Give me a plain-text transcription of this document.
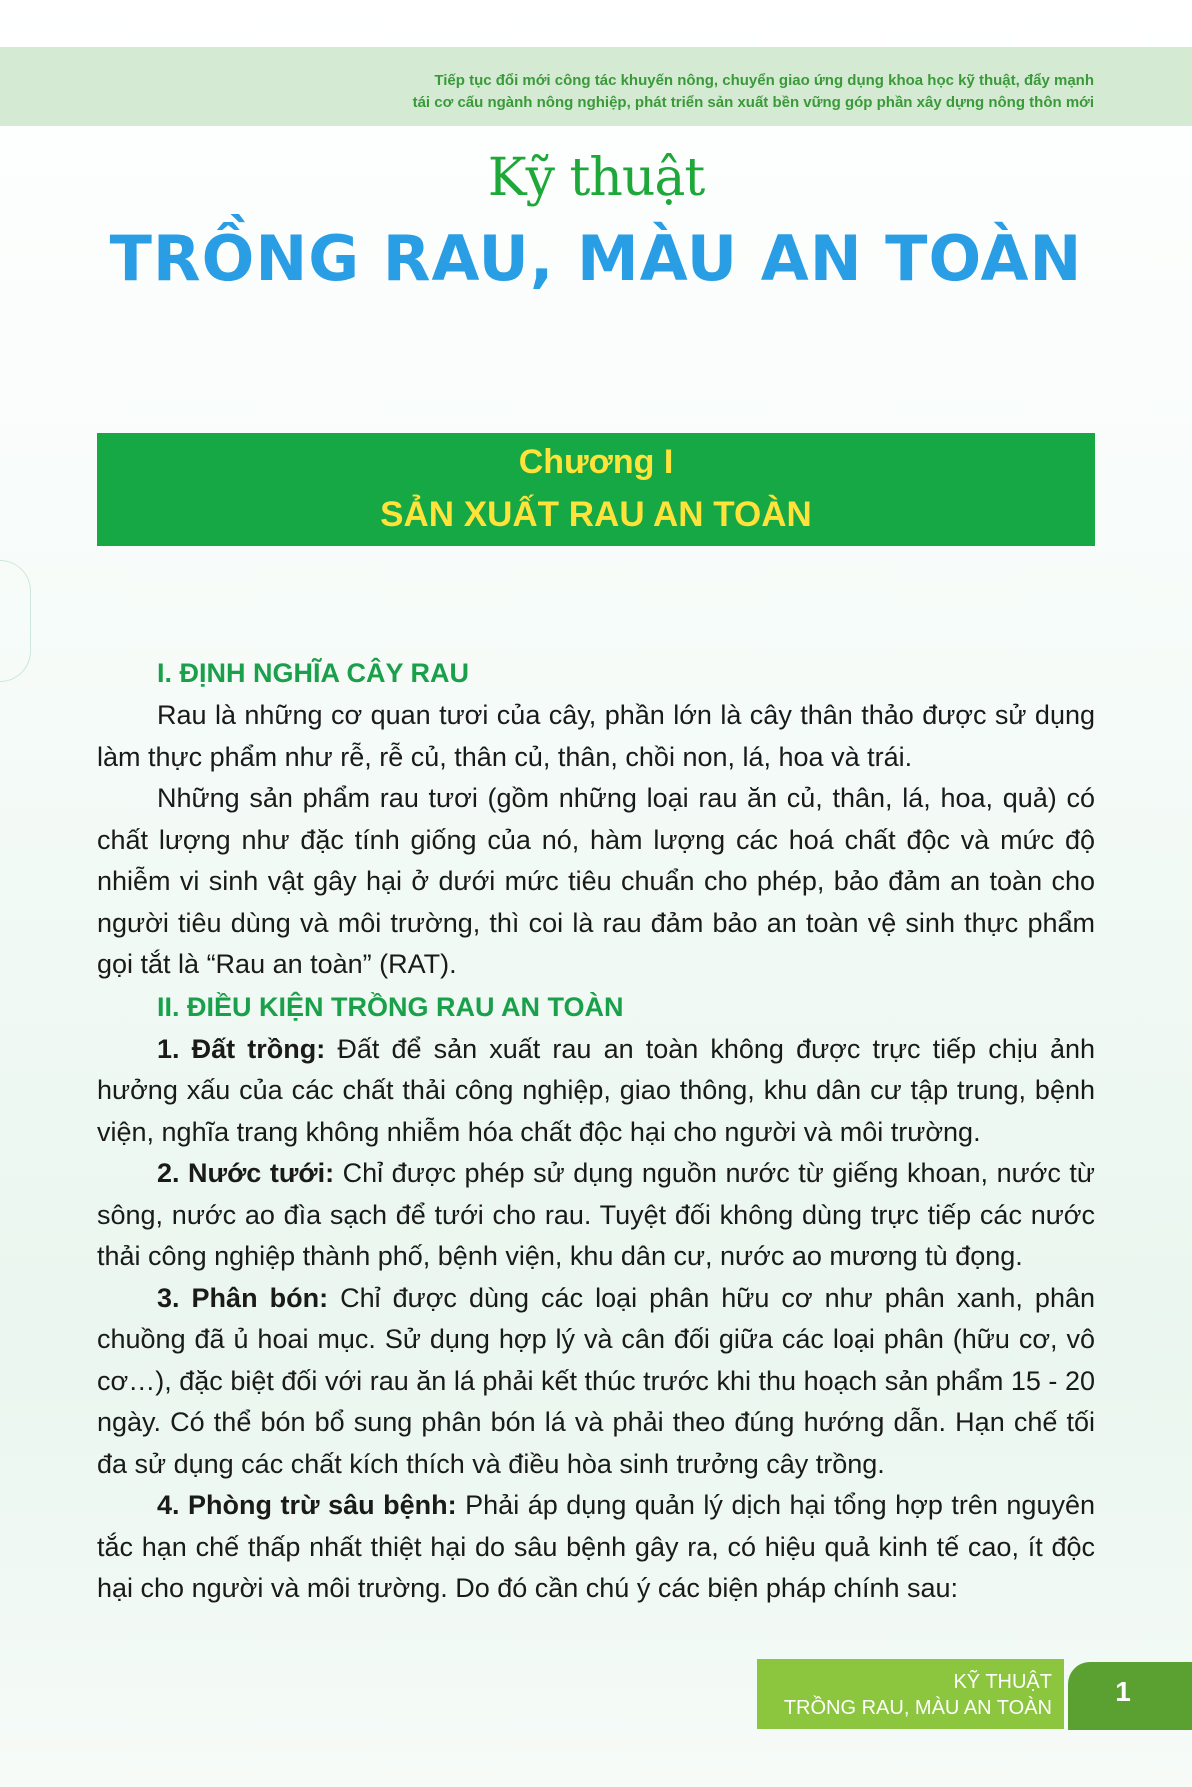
Tiếp tục đổi mới công tác khuyến nông, chuyển giao ứng dụng khoa học kỹ thuật, đẩy mạnh
tái cơ cấu ngành nông nghiệp, phát triển sản xuất bền vững góp phần xây dựng nông thôn mới
Kỹ thuật
TRỒNG RAU, MÀU AN TOÀN
Chương I
SẢN XUẤT RAU AN TOÀN
I. ĐỊNH NGHĨA CÂY RAU

Rau là những cơ quan tươi của cây, phần lớn là cây thân thảo được sử dụng làm thực phẩm như rễ, rễ củ, thân củ, thân, chồi non, lá, hoa và trái.

Những sản phẩm rau tươi (gồm những loại rau ăn củ, thân, lá, hoa, quả) có chất lượng như đặc tính giống của nó, hàm lượng các hoá chất độc và mức độ nhiễm vi sinh vật gây hại ở dưới mức tiêu chuẩn cho phép, bảo đảm an toàn cho người tiêu dùng và môi trường, thì coi là rau đảm bảo an toàn vệ sinh thực phẩm gọi tắt là “Rau an toàn” (RAT).

II. ĐIỀU KIỆN TRỒNG RAU AN TOÀN

1. Đất trồng: Đất để sản xuất rau an toàn không được trực tiếp chịu ảnh hưởng xấu của các chất thải công nghiệp, giao thông, khu dân cư tập trung, bệnh viện, nghĩa trang không nhiễm hóa chất độc hại cho người và môi trường.

2. Nước tưới: Chỉ được phép sử dụng nguồn nước từ giếng khoan, nước từ sông, nước ao đìa sạch để tưới cho rau. Tuyệt đối không dùng trực tiếp các nước thải công nghiệp thành phố, bệnh viện, khu dân cư, nước ao mương tù đọng.

3. Phân bón: Chỉ được dùng các loại phân hữu cơ như phân xanh, phân chuồng đã ủ hoai mục. Sử dụng hợp lý và cân đối giữa các loại phân (hữu cơ, vô cơ…), đặc biệt đối với rau ăn lá phải kết thúc trước khi thu hoạch sản phẩm 15 - 20 ngày. Có thể bón bổ sung phân bón lá và phải theo đúng hướng dẫn. Hạn chế tối đa sử dụng các chất kích thích và điều hòa sinh trưởng cây trồng.

4. Phòng trừ sâu bệnh: Phải áp dụng quản lý dịch hại tổng hợp trên nguyên tắc hạn chế thấp nhất thiệt hại do sâu bệnh gây ra, có hiệu quả kinh tế cao, ít độc hại cho người và môi trường. Do đó cần chú ý các biện pháp chính sau:

KỸ THUẬT
TRỒNG RAU, MÀU AN TOÀN
1
